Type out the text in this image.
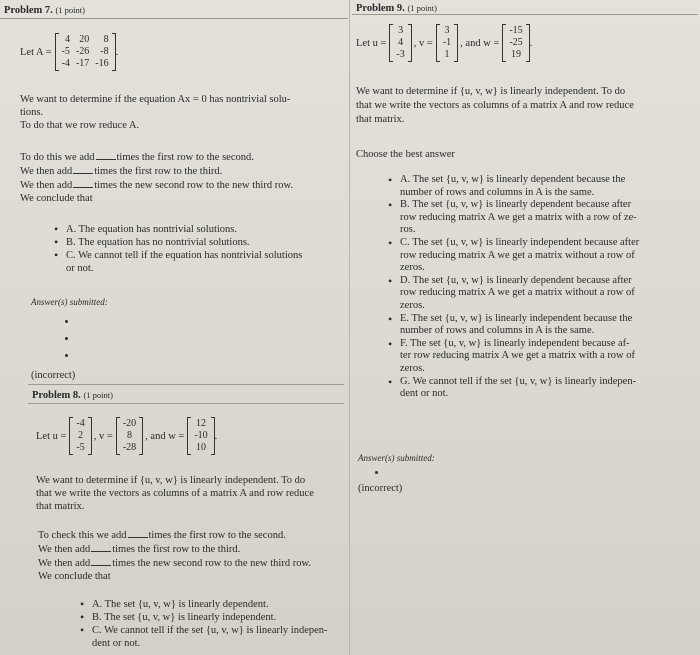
Problem 7. (1 point)
Let A =
4	20	8
-5	-26	-8
-4	-17	-16
.
We want to determine if the equation Ax = 0 has nontrivial solu-
tions.
To do that we row reduce A.
To do this we add times the first row to the second.
We then add times the first row to the third.
We then add times the new second row to the new third row.
We conclude that
• A. The equation has nontrivial solutions.
• B. The equation has no nontrivial solutions.
• C. We cannot tell if the equation has nontrivial solutions
or not.
Answer(s) submitted:
(incorrect)
Problem 8. (1 point)
Let u =
-4
2
-5
, v =
-20
8
-28
, and w =
12
-10
10
.
We want to determine if {u, v, w} is linearly independent. To do
that we write the vectors as columns of a matrix A and row reduce
that matrix.
To check this we add times the first row to the second.
We then add times the first row to the third.
We then add times the new second row to the new third row.
We conclude that
• A. The set {u, v, w} is linearly dependent.
• B. The set {u, v, w} is linearly independent.
• C. We cannot tell if the set {u, v, w} is linearly indepen-
dent or not.
Problem 9. (1 point)
Let u =
3
4
-3
, v =
3
-1
1
, and w =
-15
-25
19
.
We want to determine if {u, v, w} is linearly independent. To do
that we write the vectors as columns of a matrix A and row reduce
that matrix.
Choose the best answer
• A. The set {u, v, w} is linearly dependent because the
number of rows and columns in A is the same.
• B. The set {u, v, w} is linearly dependent because after
row reducing matrix A we get a matrix with a row of ze-
ros.
• C. The set {u, v, w} is linearly independent because after
row reducing matrix A we get a matrix without a row of
zeros.
• D. The set {u, v, w} is linearly dependent because after
row reducing matrix A we get a matrix without a row of
zeros.
• E. The set {u, v, w} is linearly independent because the
number of rows and columns in A is the same.
• F. The set {u, v, w} is linearly independent because af-
ter row reducing matrix A we get a matrix with a row of
zeros.
• G. We cannot tell if the set {u, v, w} is linearly indepen-
dent or not.
Answer(s) submitted:
(incorrect)
